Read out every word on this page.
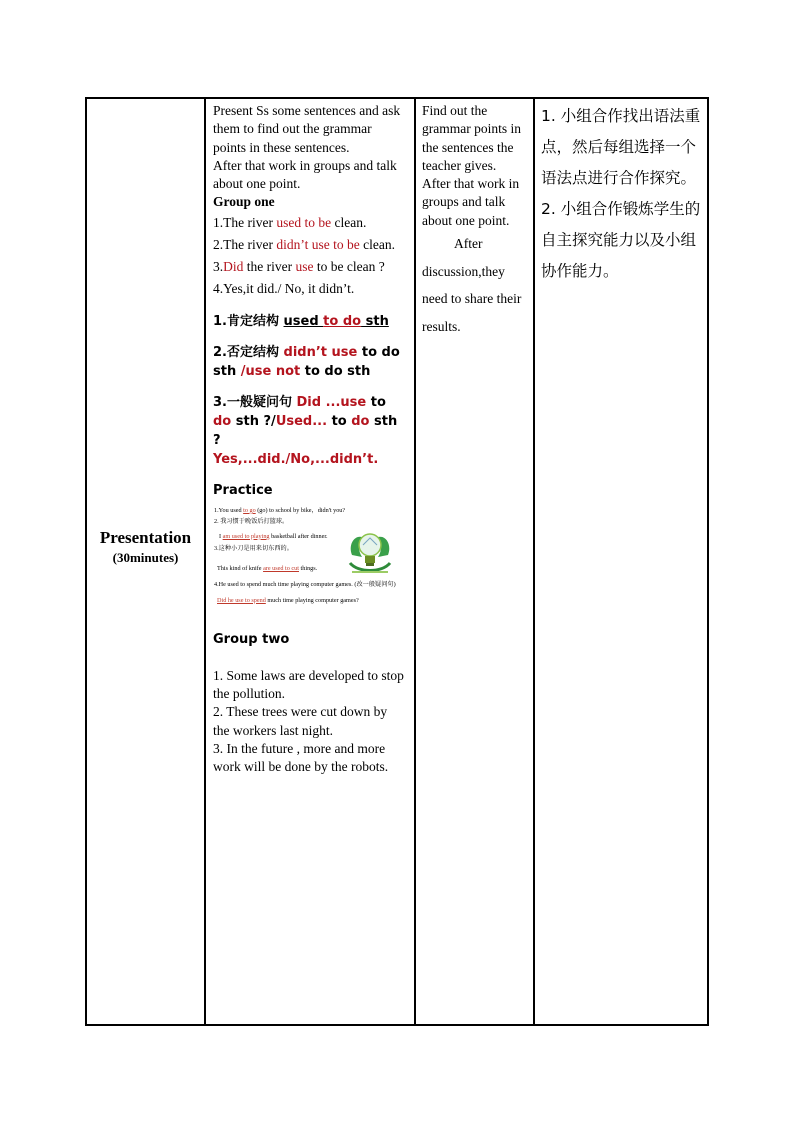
Presentation
(30minutes)

Present Ss some sentences and ask them to find out the grammar points in these sentences.

After that work in groups and talk about one point.

Group one

1.The river used to be clean.

2.The river didn’t use to be clean.

3.Did the river use to be clean ?

4.Yes,it did./ No, it didn’t.

1.肯定结构 used to do sth

2.否定结构 didn’t use to do sth /use not to do sth

3.一般疑问句 Did ...use to do sth ?/Used... to do sth ?
Yes,...did./No,...didn’t.

Practice

1.You used to go (go) to school by bike，didn't you?
2. 我习惯于晚饭后打篮球。
I am used to playing basketball after dinner.
3.这种小刀是用来切东西的。
This kind of knife are used to cut things.
4.He used to spend much time playing computer games. (改一般疑问句)
Did he use to spend much time playing computer games?

Group two

1. Some laws are developed to stop the pollution.

2. These trees were cut down by the workers last night.

3. In the future , more and more work will be done by the robots.

Find out the grammar points in the sentences the teacher gives.

After that work in groups and talk about one point.

After discussion,they need to share their results.

1. 小组合作找出语法重点，然后每组选择一个语法点进行合作探究。

2. 小组合作锻炼学生的自主探究能力以及小组协作能力。
